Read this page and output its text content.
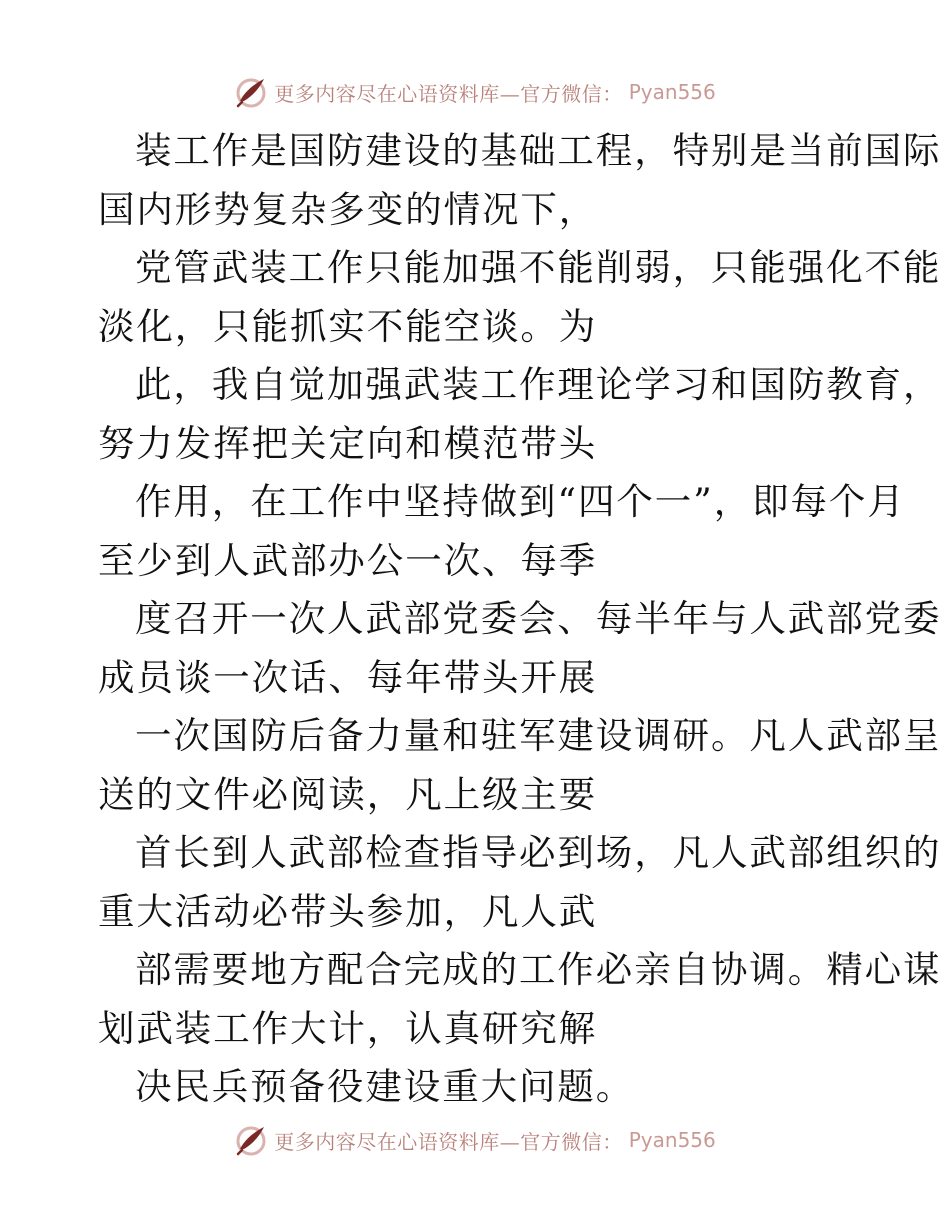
更多内容尽在心语资料库—官方微信： Pyan556

装工作是国防建设的基础工程，特别是当前国际
国内形势复杂多变的情况下，

党管武装工作只能加强不能削弱，只能强化不能
淡化，只能抓实不能空谈。为

此，我自觉加强武装工作理论学习和国防教育，
努力发挥把关定向和模范带头

作用，在工作中坚持做到“四个一”，即每个月
至少到人武部办公一次、每季

度召开一次人武部党委会、每半年与人武部党委
成员谈一次话、每年带头开展

一次国防后备力量和驻军建设调研。凡人武部呈
送的文件必阅读，凡上级主要

首长到人武部检查指导必到场，凡人武部组织的
重大活动必带头参加，凡人武

部需要地方配合完成的工作必亲自协调。精心谋
划武装工作大计，认真研究解

决民兵预备役建设重大问题。

更多内容尽在心语资料库—官方微信： Pyan556
